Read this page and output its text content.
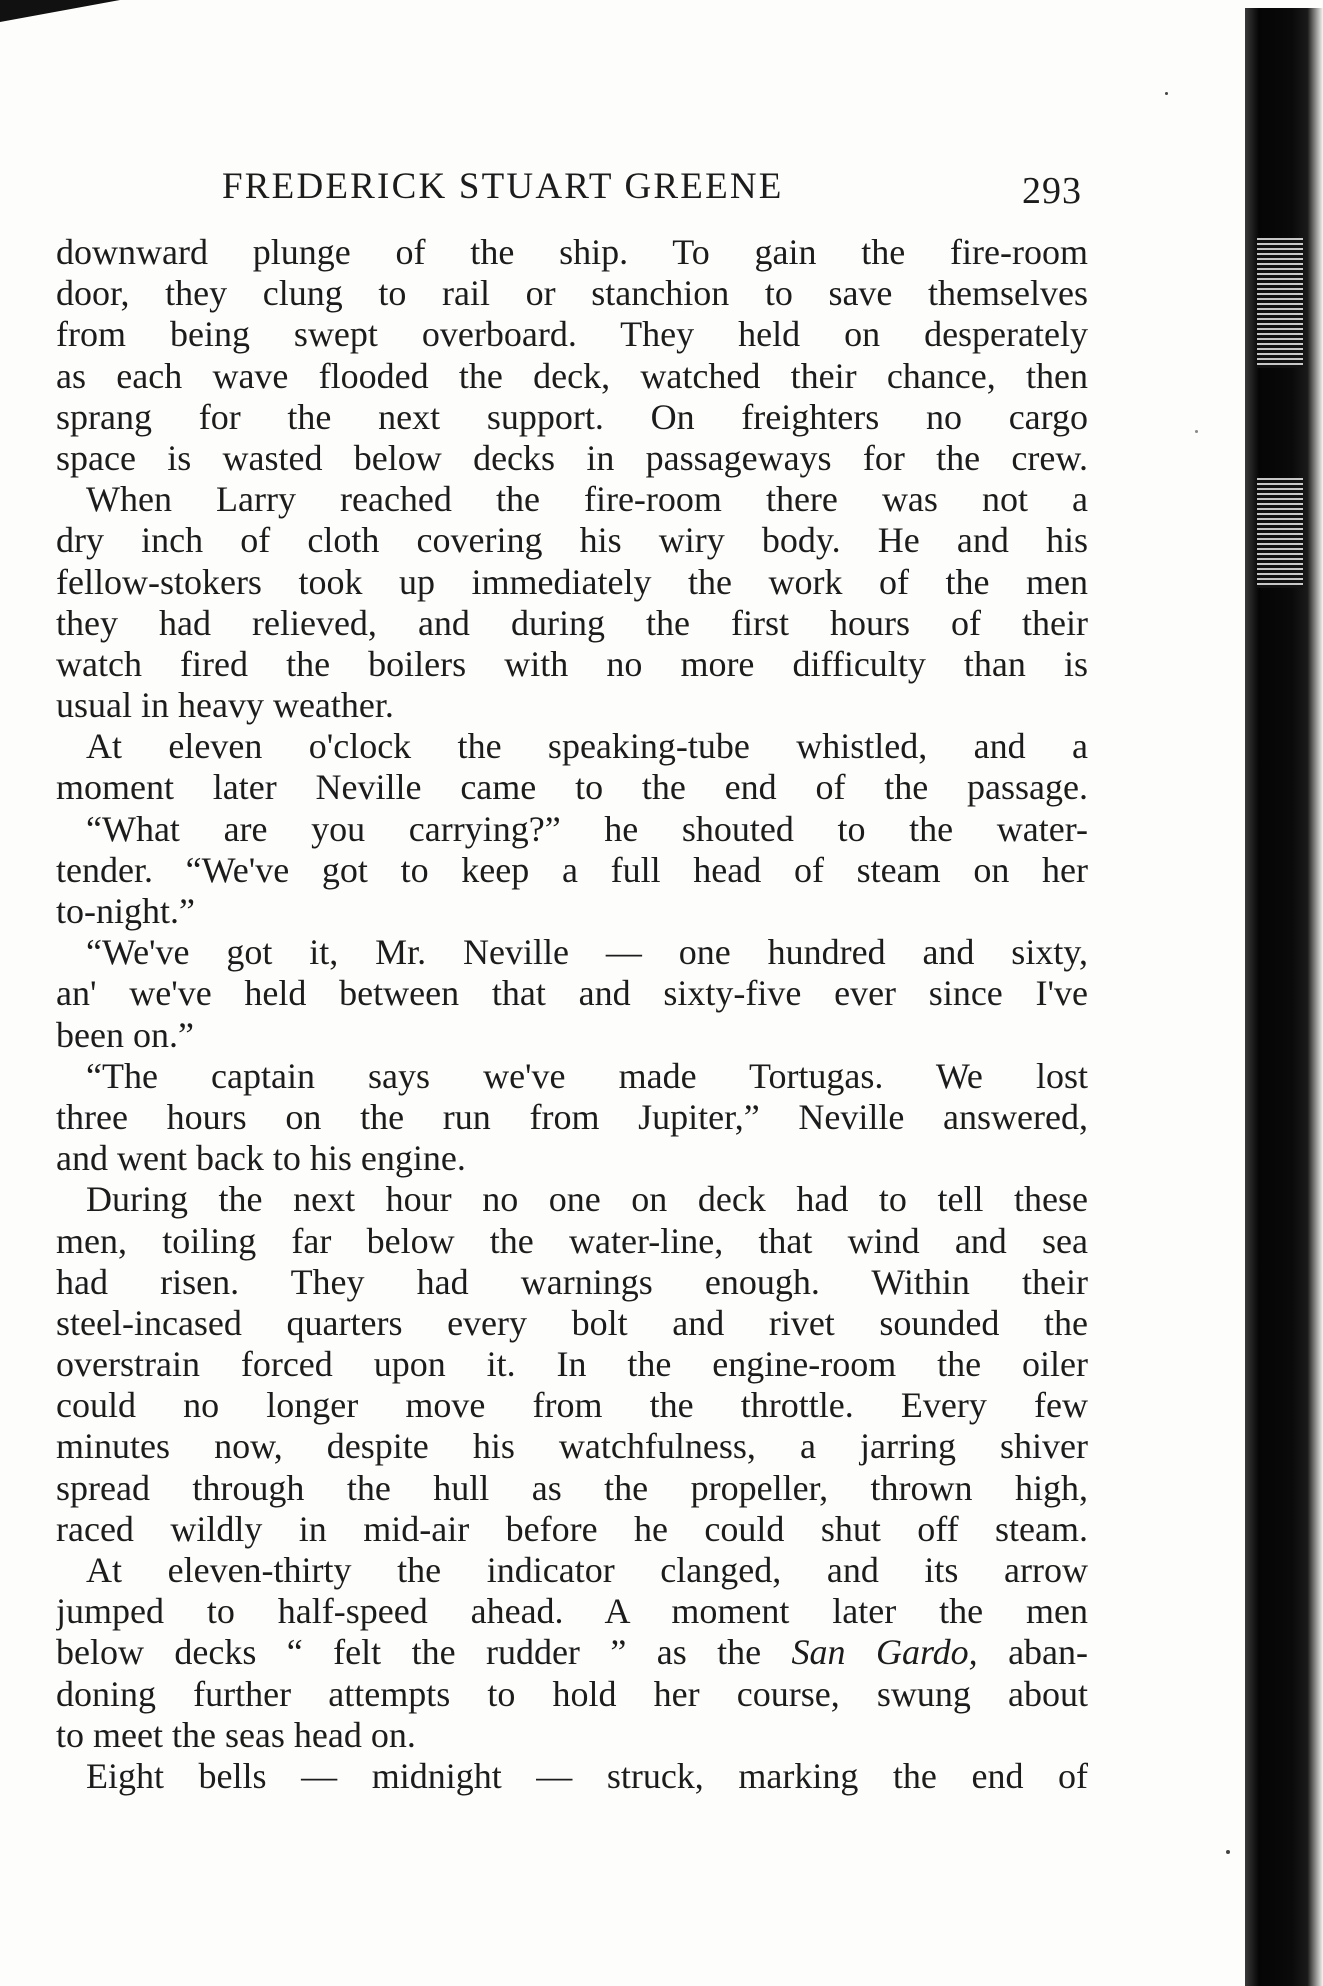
FREDERICK STUART GREENE	293
downward plunge of the ship. To gain the fire-room
door, they clung to rail or stanchion to save themselves
from being swept overboard. They held on desperately
as each wave flooded the deck, watched their chance, then
sprang for the next support. On freighters no cargo
space is wasted below decks in passageways for the crew.
When Larry reached the fire-room there was not a
dry inch of cloth covering his wiry body. He and his
fellow-stokers took up immediately the work of the men
they had relieved, and during the first hours of their
watch fired the boilers with no more difficulty than is
usual in heavy weather.
At eleven o'clock the speaking-tube whistled, and a
moment later Neville came to the end of the passage.
“What are you carrying?” he shouted to the water-
tender. “We've got to keep a full head of steam on her
to-night.”
“We've got it, Mr. Neville — one hundred and sixty,
an' we've held between that and sixty-five ever since I've
been on.”
“The captain says we've made Tortugas. We lost
three hours on the run from Jupiter,” Neville answered,
and went back to his engine.
During the next hour no one on deck had to tell these
men, toiling far below the water-line, that wind and sea
had risen. They had warnings enough. Within their
steel-incased quarters every bolt and rivet sounded the
overstrain forced upon it. In the engine-room the oiler
could no longer move from the throttle. Every few
minutes now, despite his watchfulness, a jarring shiver
spread through the hull as the propeller, thrown high,
raced wildly in mid-air before he could shut off steam.
At eleven-thirty the indicator clanged, and its arrow
jumped to half-speed ahead. A moment later the men
below decks “ felt the rudder ” as the San Gardo, aban-
doning further attempts to hold her course, swung about
to meet the seas head on.
Eight bells — midnight — struck, marking the end of
